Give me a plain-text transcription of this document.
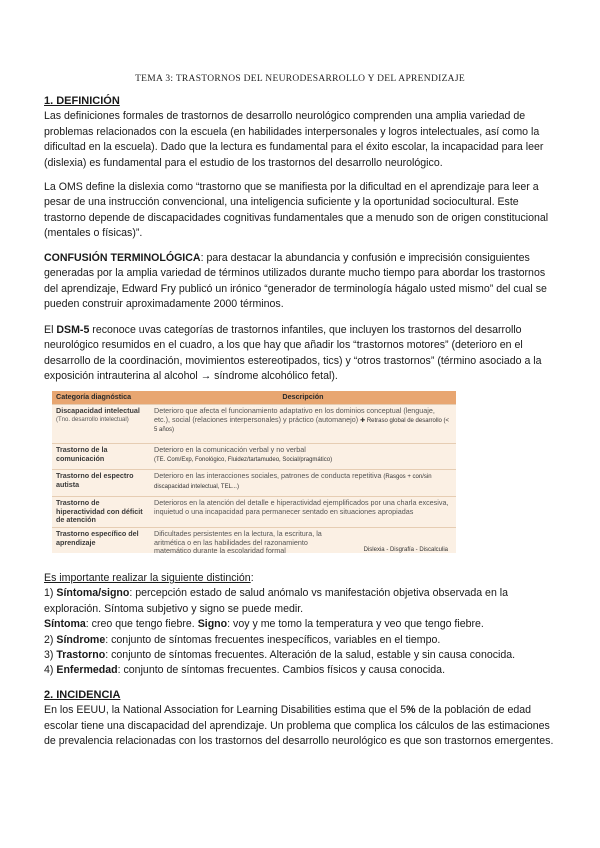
TEMA 3: TRASTORNOS DEL NEURODESARROLLO Y DEL APRENDIZAJE

1. DEFINICIÓN

Las definiciones formales de trastornos de desarrollo neurológico comprenden una amplia variedad de problemas relacionados con la escuela (en habilidades interpersonales y logros intelectuales, así como la dificultad en la escuela). Dado que la lectura es fundamental para el éxito escolar, la incapacidad para leer (dislexia) es fundamental para el estudio de los trastornos del desarrollo neurológico.

La OMS define la dislexia como “trastorno que se manifiesta por la dificultad en el aprendizaje para leer a pesar de una instrucción convencional, una inteligencia suficiente y la oportunidad sociocultural. Este trastorno depende de discapacidades cognitivas fundamentales que a menudo son de origen constitucional (mentales o físicas)”.

CONFUSIÓN TERMINOLÓGICA: para destacar la abundancia y confusión e imprecisión consiguientes generadas por la amplia variedad de términos utilizados durante mucho tiempo para abordar los trastornos del aprendizaje, Edward Fry publicó un irónico “generador de terminología hágalo usted mismo” del cual se pueden construir aproximadamente 2000 términos.

El DSM-5 reconoce uvas categorías de trastornos infantiles, que incluyen los trastornos del desarrollo neurológico resumidos en el cuadro, a los que hay que añadir los “trastornos motores” (deterioro en el desarrollo de la coordinación, movimientos estereotipados, tics) y “otros trastornos” (término asociado a la exposición intrauterina al alcohol → síndrome alcohólico fetal).

Categoría diagnóstica	Descripción
Discapacidad intelectual
(Tno. desarrollo intelectual)
Deterioro que afecta el funcionamiento adaptativo en los dominios conceptual (lenguaje, etc.), social (relaciones interpersonales) y práctico (automanejo) ✚ Retraso global de desarrollo (< 5 años)
Trastorno de la comunicación
Deterioro en la comunicación verbal y no verbal
(TE. Com/Exp, Fonológico, Fluidez/tartamudeo, Social/pragmático)
Trastorno del espectro autista
Deterioro en las interacciones sociales, patrones de conducta repetitiva (Rasgos + con/sin discapacidad intelectual, TEL...)
Trastorno de hiperactividad con déficit de atención
Deterioros en la atención del detalle e hiperactividad ejemplificados por una charla excesiva, inquietud o una incapacidad para permanecer sentado en situaciones apropiadas
Trastorno específico del aprendizaje
Dificultades persistentes en la lectura, la escritura, la aritmética o en las habilidades del razonamiento matemático durante la escolaridad formal	Dislexia - Disgrafía - Discalculia

Es importante realizar la siguiente distinción:

1) Síntoma/signo: percepción estado de salud anómalo vs manifestación objetiva observada en la exploración. Síntoma subjetivo y signo se puede medir.

Síntoma: creo que tengo fiebre. Signo: voy y me tomo la temperatura y veo que tengo fiebre.

2) Síndrome: conjunto de síntomas frecuentes inespecíficos, variables en el tiempo.

3) Trastorno: conjunto de síntomas frecuentes. Alteración de la salud, estable y sin causa conocida.

4) Enfermedad: conjunto de síntomas frecuentes. Cambios físicos y causa conocida.

2. INCIDENCIA

En los EEUU, la National Association for Learning Disabilities estima que el 5% de la población de edad escolar tiene una discapacidad del aprendizaje. Un problema que complica los cálculos de las estimaciones de prevalencia relacionadas con los trastornos del desarrollo neurológico es que son trastornos emergentes.
